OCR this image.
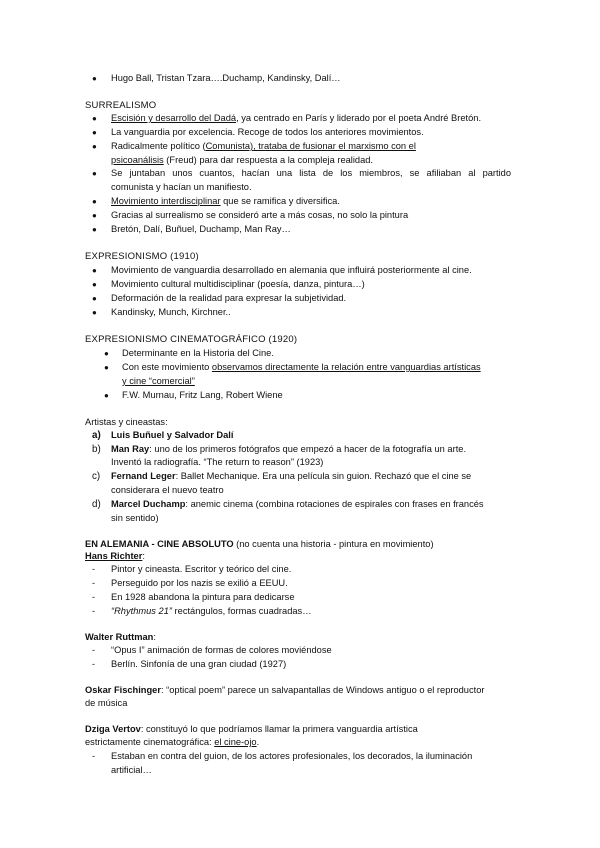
● Hugo Ball, Tristan Tzara….Duchamp, Kandinsky, Dalí…
SURREALISMO
● Escisión y desarrollo del Dadá, ya centrado en París y liderado por el poeta André Bretón.
● La vanguardia por excelencia. Recoge de todos los anteriores movimientos.
● Radicalmente político (Comunista), trataba de fusionar el marxismo con el
psicoanálisis (Freud) para dar respuesta a la compleja realidad.
● Se juntaban unos cuantos, hacían una lista de los miembros, se afiliaban al partido
comunista y hacían un manifiesto.
● Movimiento interdisciplinar que se ramifica y diversifica.
● Gracias al surrealismo se consideró arte a más cosas, no solo la pintura
● Bretón, Dalí, Buñuel, Duchamp, Man Ray…
EXPRESIONISMO (1910)
● Movimiento de vanguardia desarrollado en alemania que influirá posteriormente al cine.
● Movimiento cultural multidisciplinar (poesía, danza, pintura…)
● Deformación de la realidad para expresar la subjetividad.
● Kandinsky, Munch, Kirchner..
EXPRESIONISMO CINEMATOGRÁFICO (1920)
● Determinante en la Historia del Cine.
● Con este movimiento observamos directamente la relación entre vanguardias artísticas
y cine “comercial”
● F.W. Murnau, Fritz Lang, Robert Wiene
Artistas y cineastas:
a) Luis Buñuel y Salvador Dalí
b) Man Ray: uno de los primeros fotógrafos que empezó a hacer de la fotografía un arte.
Inventó la radiografía. “The return to reason” (1923)
c) Fernand Leger: Ballet Mechanique. Era una película sin guion. Rechazó que el cine se
considerara el nuevo teatro
d) Marcel Duchamp: anemic cinema (combina rotaciones de espirales con frases en francés
sin sentido)
EN ALEMANIA - CINE ABSOLUTO (no cuenta una historia - pintura en movimiento)
Hans Richter:
- Pintor y cineasta. Escritor y teórico del cine.
- Perseguido por los nazis se exilió a EEUU.
- En 1928 abandona la pintura para dedicarse
- “Rhythmus 21” rectángulos, formas cuadradas…
Walter Ruttman:
- “Opus I” animación de formas de colores moviéndose
- Berlín. Sinfonía de una gran ciudad (1927)
Oskar Fischinger: “optical poem” parece un salvapantallas de Windows antiguo o el reproductor
de música
Dziga Vertov: constituyó lo que podríamos llamar la primera vanguardia artística
estrictamente cinematográfica: el cine-ojo.
- Estaban en contra del guion, de los actores profesionales, los decorados, la iluminación
artificial…
